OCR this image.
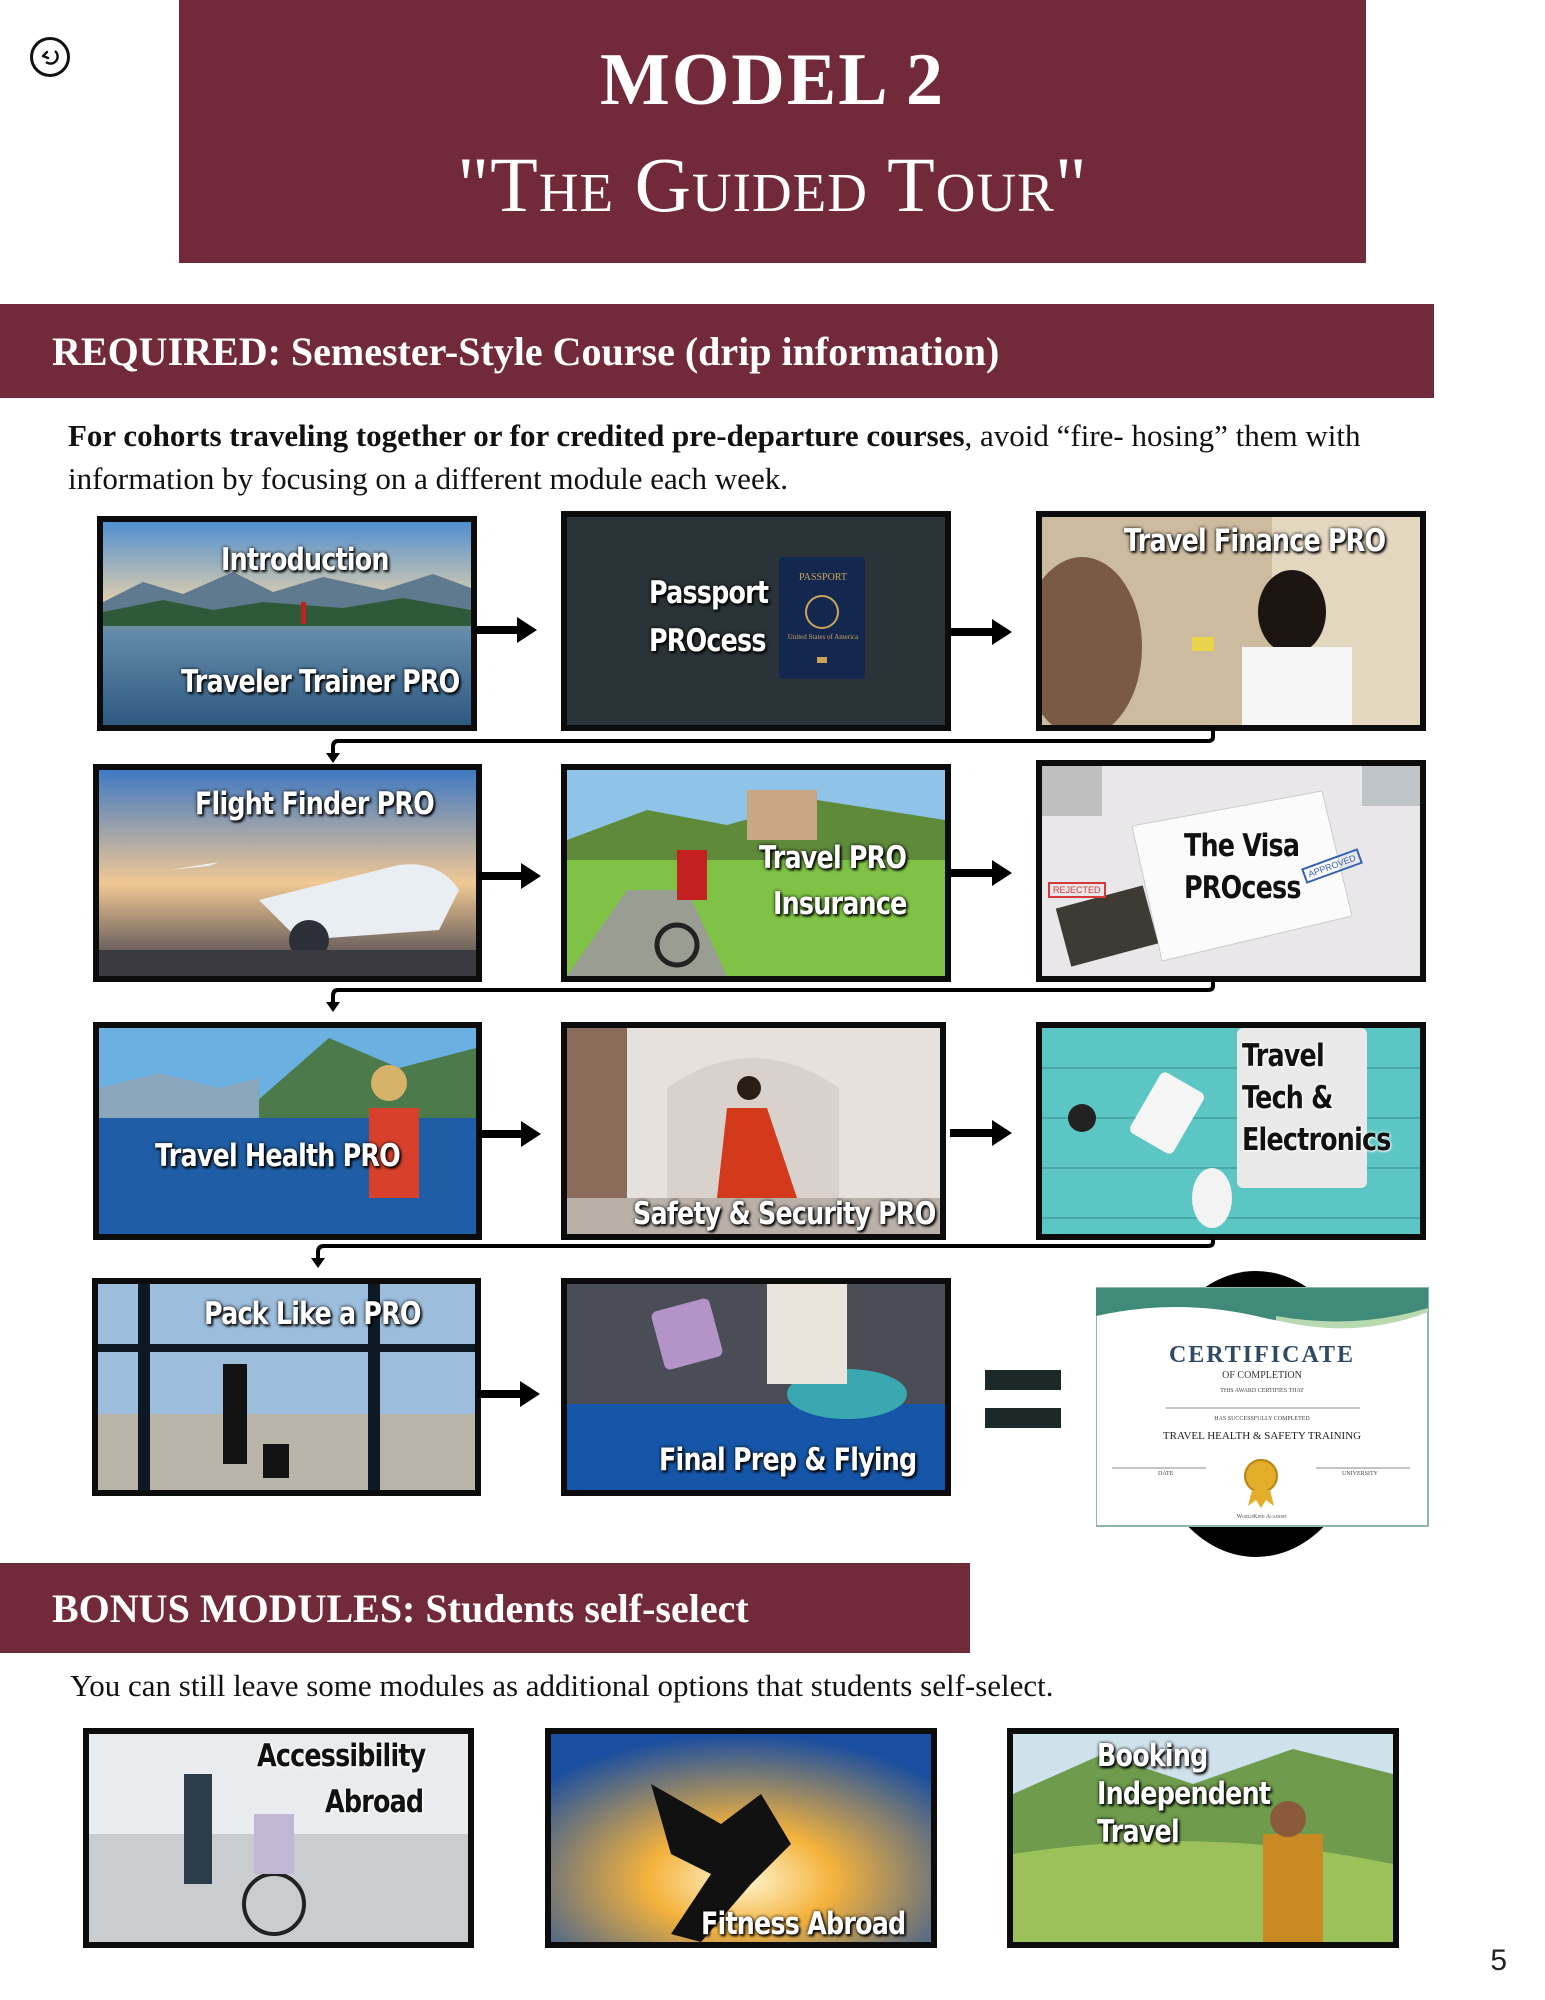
MODEL 2
"The Guided Tour"
REQUIRED: Semester-Style Course (drip information)
For cohorts traveling together or for credited pre-departure courses, avoid “fire- hosing” them with information by focusing on a different module each week.
Introduction
Traveler Trainer PRO
PASSPORT
United States of America
Passport
PROcess
Travel Finance PRO
Flight Finder PRO
Travel PRO
Insurance
APPROVED
REJECTED
The Visa
PROcess
Travel Health PRO
Safety & Security PRO
Travel
Tech &
Electronics
Pack Like a PRO
Final Prep & Flying
CERTIFICATE
OF COMPLETION
THIS AWARD CERTIFIES THAT
HAS SUCCESSFULLY COMPLETED
TRAVEL HEALTH & SAFETY TRAINING
DATE	UNIVERSITY
WorldKind Academy
BONUS MODULES: Students self-select
You can still leave some modules as additional options that students self-select.
Accessibility
Abroad
Fitness Abroad
Booking
Independent
Travel
5
